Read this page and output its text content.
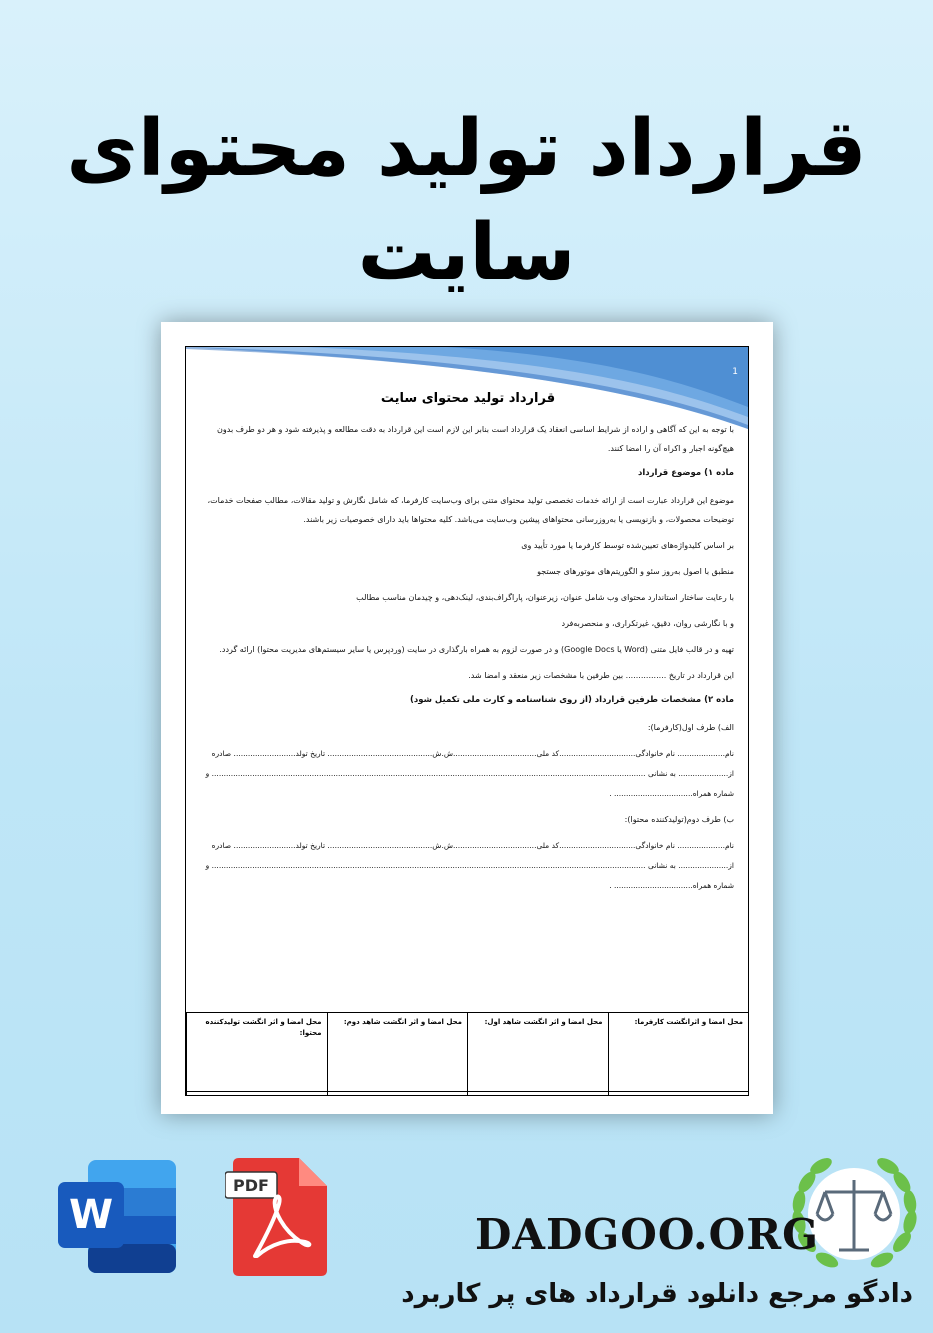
قرارداد تولید محتوای
سایت
1
قرارداد تولید محتوای سایت

با توجه به این که آگاهی و اراده از شرایط اساسی انعقاد یک قرارداد است بنابر این لازم است این قرارداد به دقت مطالعه و پذیرفته شود و هر دو طرف بدون هیچ‌گونه اجبار و اکراه آن را امضا کنند.

ماده ۱) موضوع قرارداد

موضوع این قرارداد عبارت است از ارائه خدمات تخصصی تولید محتوای متنی برای وب‌سایت کارفرما، که شامل نگارش و تولید مقالات، مطالب صفحات خدمات، توضیحات محصولات، و بازنویسی یا به‌روزرسانی محتواهای پیشین وب‌سایت می‌باشد. کلیه محتواها باید دارای خصوصیات زیر باشند.

بر اساس کلیدواژه‌های تعیین‌شده توسط کارفرما یا مورد تأیید وی

منطبق با اصول به‌روز سئو و الگوریتم‌های موتورهای جستجو

با رعایت ساختار استاندارد محتوای وب شامل عنوان، زیرعنوان، پاراگراف‌بندی، لینک‌دهی، و چیدمان مناسب مطالب

و با نگارشی روان، دقیق، غیرتکراری، و منحصربه‌فرد

تهیه و در قالب فایل متنی (Word یا Google Docs) و در صورت لزوم به همراه بارگذاری در سایت (وردپرس یا سایر سیستم‌های مدیریت محتوا) ارائه گردد.

این قرارداد در تاریخ ................ بین طرفین با مشخصات زیر منعقد و امضا شد.

ماده ۲) مشخصات طرفین قرارداد (از روی شناسنامه و کارت ملی تکمیل شود)

الف) طرف اول(کارفرما):

نام.................... نام خانوادگی................................کد ملی...................................ش.ش............................................ تاریخ تولد.......................... صادره

از..................... به نشانی ...................................................................................................................................................................................... و

شماره همراه................................. .

ب) طرف دوم(تولیدکننده محتوا):

نام.................... نام خانوادگی................................کد ملی...................................ش.ش............................................ تاریخ تولد.......................... صادره

از..................... به نشانی ...................................................................................................................................................................................... و

شماره همراه................................. .

محل امضا و اثرانگشت کارفرما:
محل امضا و اثر انگشت شاهد اول:
محل امضا و اثر انگشت شاهد دوم:
محل امضا و اثر انگشت تولیدکننده محتوا:
W
PDF
DADGOO.ORG
دادگو مرجع دانلود قرارداد های پر کاربرد
